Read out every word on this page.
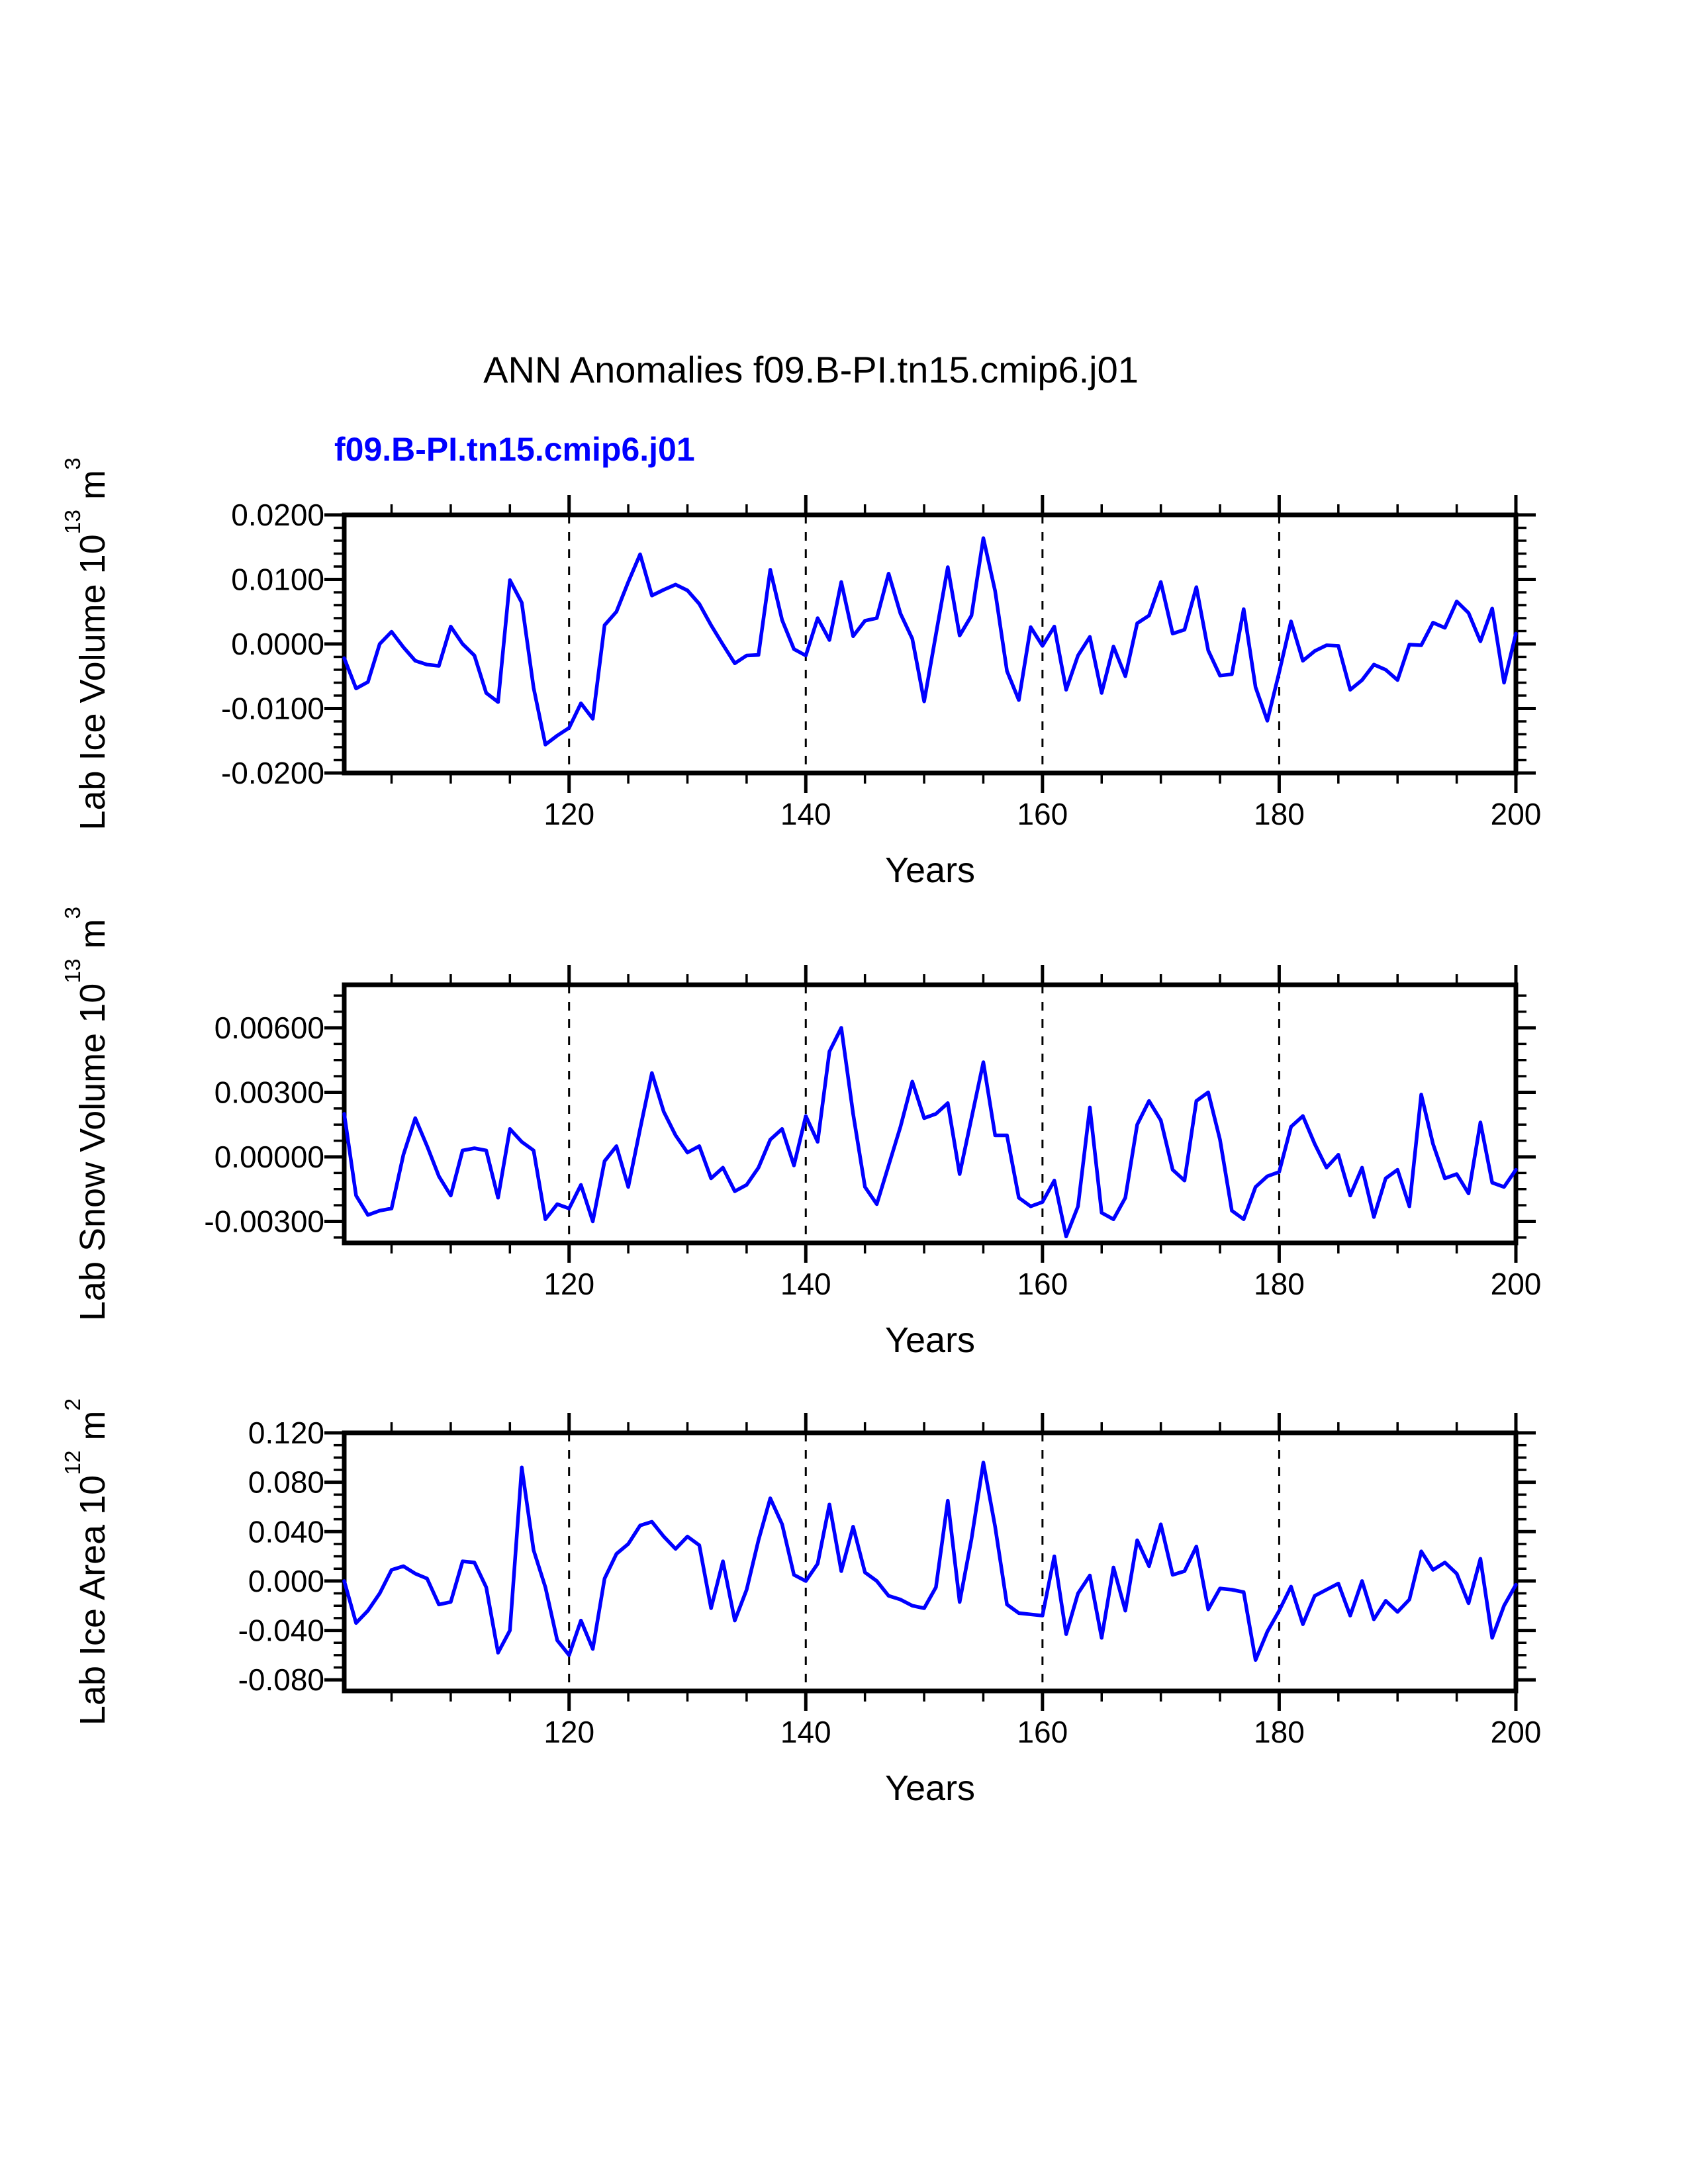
ANN Anomalies f09.B-PI.tn15.cmip6.j01
f09.B-PI.tn15.cmip6.j01
Lab Ice Volume $10^{13}$ $m^3$
Lab Snow Volume $10^{13}$ $m^3$
Lab Ice Area $10^{12}$ $m^2$
120	140	160	180	200
0.0200
0.0100
0.0000
-0.0100
-0.0200
Years
120	140	160	180	200
0.00600
0.00300
0.00000
-0.00300
Years
120	140	160	180	200
0.120
0.080
0.040
0.000
-0.040
-0.080
Years
